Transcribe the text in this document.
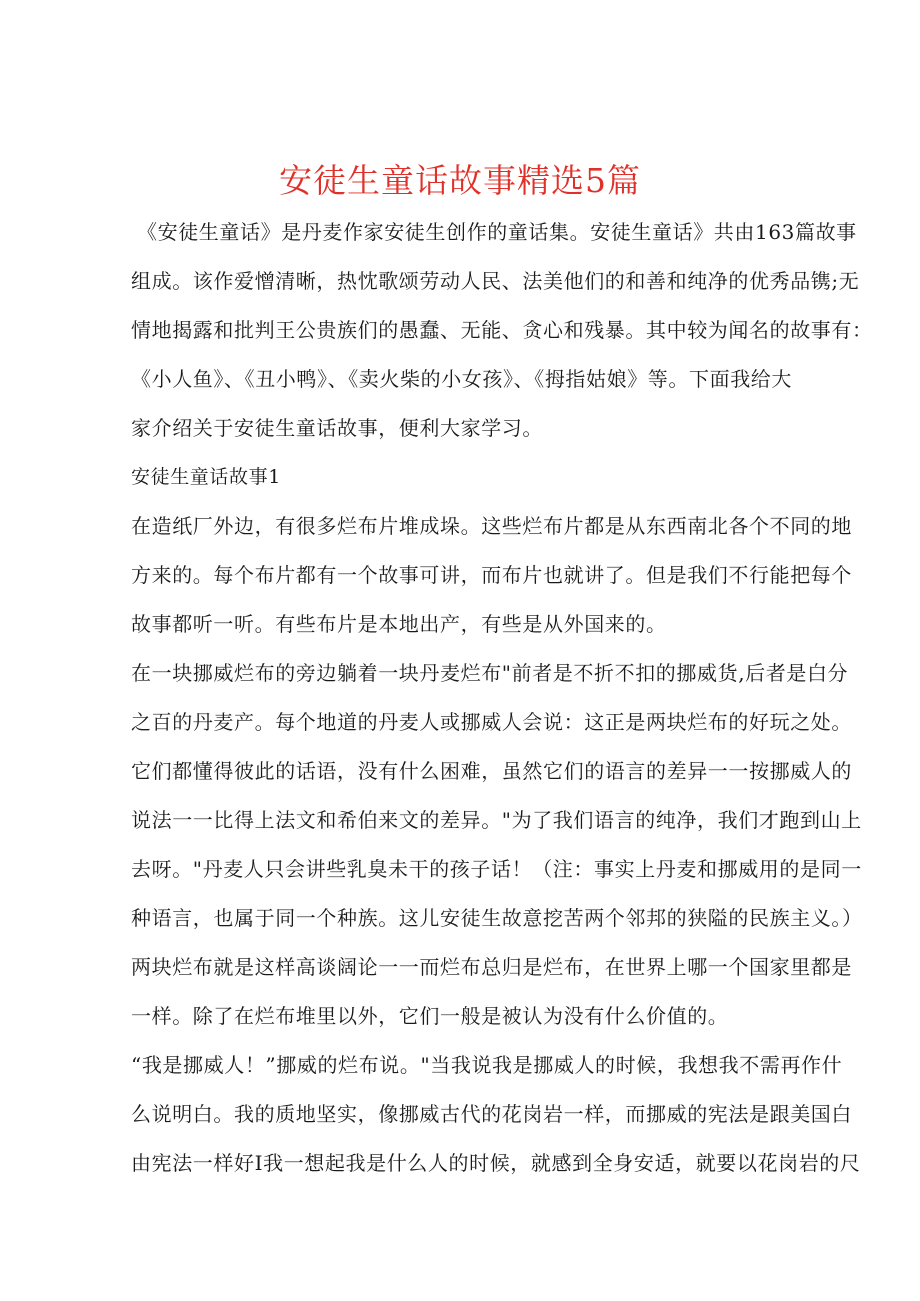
安徒生童话故事精选5篇
《安徒生童话》是丹麦作家安徒生创作的童话集。安徒生童话》共由163篇故事
组成。该作爱憎清晰，热忱歌颂劳动人民、法美他们的和善和纯净的优秀品镌;无
情地揭露和批判王公贵族们的愚蠢、无能、贪心和残暴。其中较为闻名的故事有：
《小人鱼》、《丑小鸭》、《卖火柴的小女孩》、《拇指姑娘》等。下面我给大
家介绍关于安徒生童话故事，便利大家学习。
安徒生童话故事1
在造纸厂外边，有很多烂布片堆成垛。这些烂布片都是从东西南北各个不同的地
方来的。每个布片都有一个故事可讲，而布片也就讲了。但是我们不行能把每个
故事都听一听。有些布片是本地出产，有些是从外国来的。
在一块挪威烂布的旁边躺着一块丹麦烂布"前者是不折不扣的挪威货,后者是白分
之百的丹麦产。每个地道的丹麦人或挪威人会说：这正是两块烂布的好玩之处。
它们都懂得彼此的话语，没有什么困难，虽然它们的语言的差异一一按挪威人的
说法一一比得上法文和希伯来文的差异。"为了我们语言的纯净，我们才跑到山上
去呀。"丹麦人只会讲些乳臭未干的孩子话！（注：事实上丹麦和挪威用的是同一
种语言，也属于同一个种族。这儿安徒生故意挖苦两个邻邦的狭隘的民族主义。）
两块烂布就是这样高谈阔论一一而烂布总归是烂布，在世界上哪一个国家里都是
一样。除了在烂布堆里以外，它们一般是被认为没有什么价值的。
“我是挪威人！”挪威的烂布说。"当我说我是挪威人的时候，我想我不需再作什
么说明白。我的质地坚实，像挪威古代的花岗岩一样，而挪威的宪法是跟美国白
由宪法一样好I我一想起我是什么人的时候，就感到全身安适，就要以花岗岩的尺
